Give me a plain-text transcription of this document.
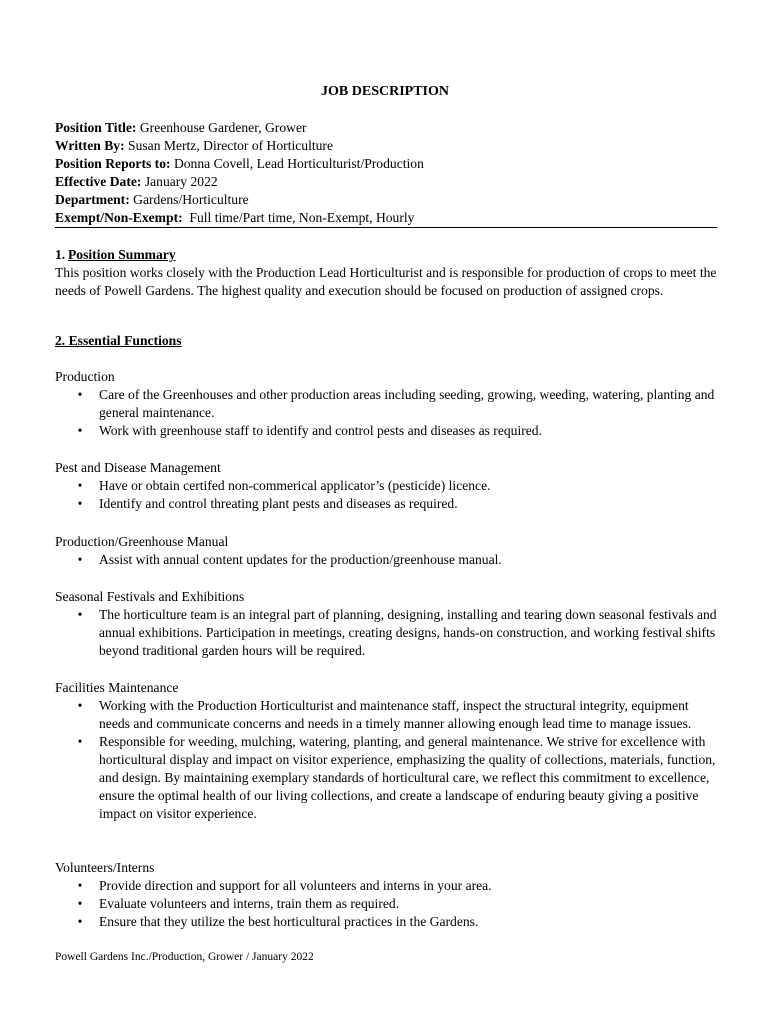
JOB DESCRIPTION
Position Title: Greenhouse Gardener, Grower
Written By: Susan Mertz, Director of Horticulture
Position Reports to: Donna Covell, Lead Horticulturist/Production
Effective Date: January 2022
Department: Gardens/Horticulture
Exempt/Non-Exempt:  Full time/Part time, Non-Exempt, Hourly
1. Position Summary

This position works closely with the Production Lead Horticulturist and is responsible for production of crops to meet the needs of Powell Gardens. The highest quality and execution should be focused on production of assigned crops.

2. Essential Functions
Production
• Care of the Greenhouses and other production areas including seeding, growing, weeding, watering, planting and general maintenance.
• Work with greenhouse staff to identify and control pests and diseases as required.
Pest and Disease Management
• Have or obtain certifed non-commerical applicator’s (pesticide) licence.
• Identify and control threating plant pests and diseases as required.
Production/Greenhouse Manual
• Assist with annual content updates for the production/greenhouse manual.
Seasonal Festivals and Exhibitions
• The horticulture team is an integral part of planning, designing, installing and tearing down seasonal festivals and annual exhibitions. Participation in meetings, creating designs, hands-on construction, and working festival shifts beyond traditional garden hours will be required.
Facilities Maintenance
• Working with the Production Horticulturist and maintenance staff, inspect the structural integrity, equipment needs and communicate concerns and needs in a timely manner allowing enough lead time to manage issues.
• Responsible for weeding, mulching, watering, planting, and general maintenance. We strive for excellence with horticultural display and impact on visitor experience, emphasizing the quality of collections, materials, function, and design. By maintaining exemplary standards of horticultural care, we reflect this commitment to excellence, ensure the optimal health of our living collections, and create a landscape of enduring beauty giving a positive impact on visitor experience.
Volunteers/Interns
• Provide direction and support for all volunteers and interns in your area.
• Evaluate volunteers and interns, train them as required.
• Ensure that they utilize the best horticultural practices in the Gardens.
Powell Gardens Inc./Production, Grower / January 2022
